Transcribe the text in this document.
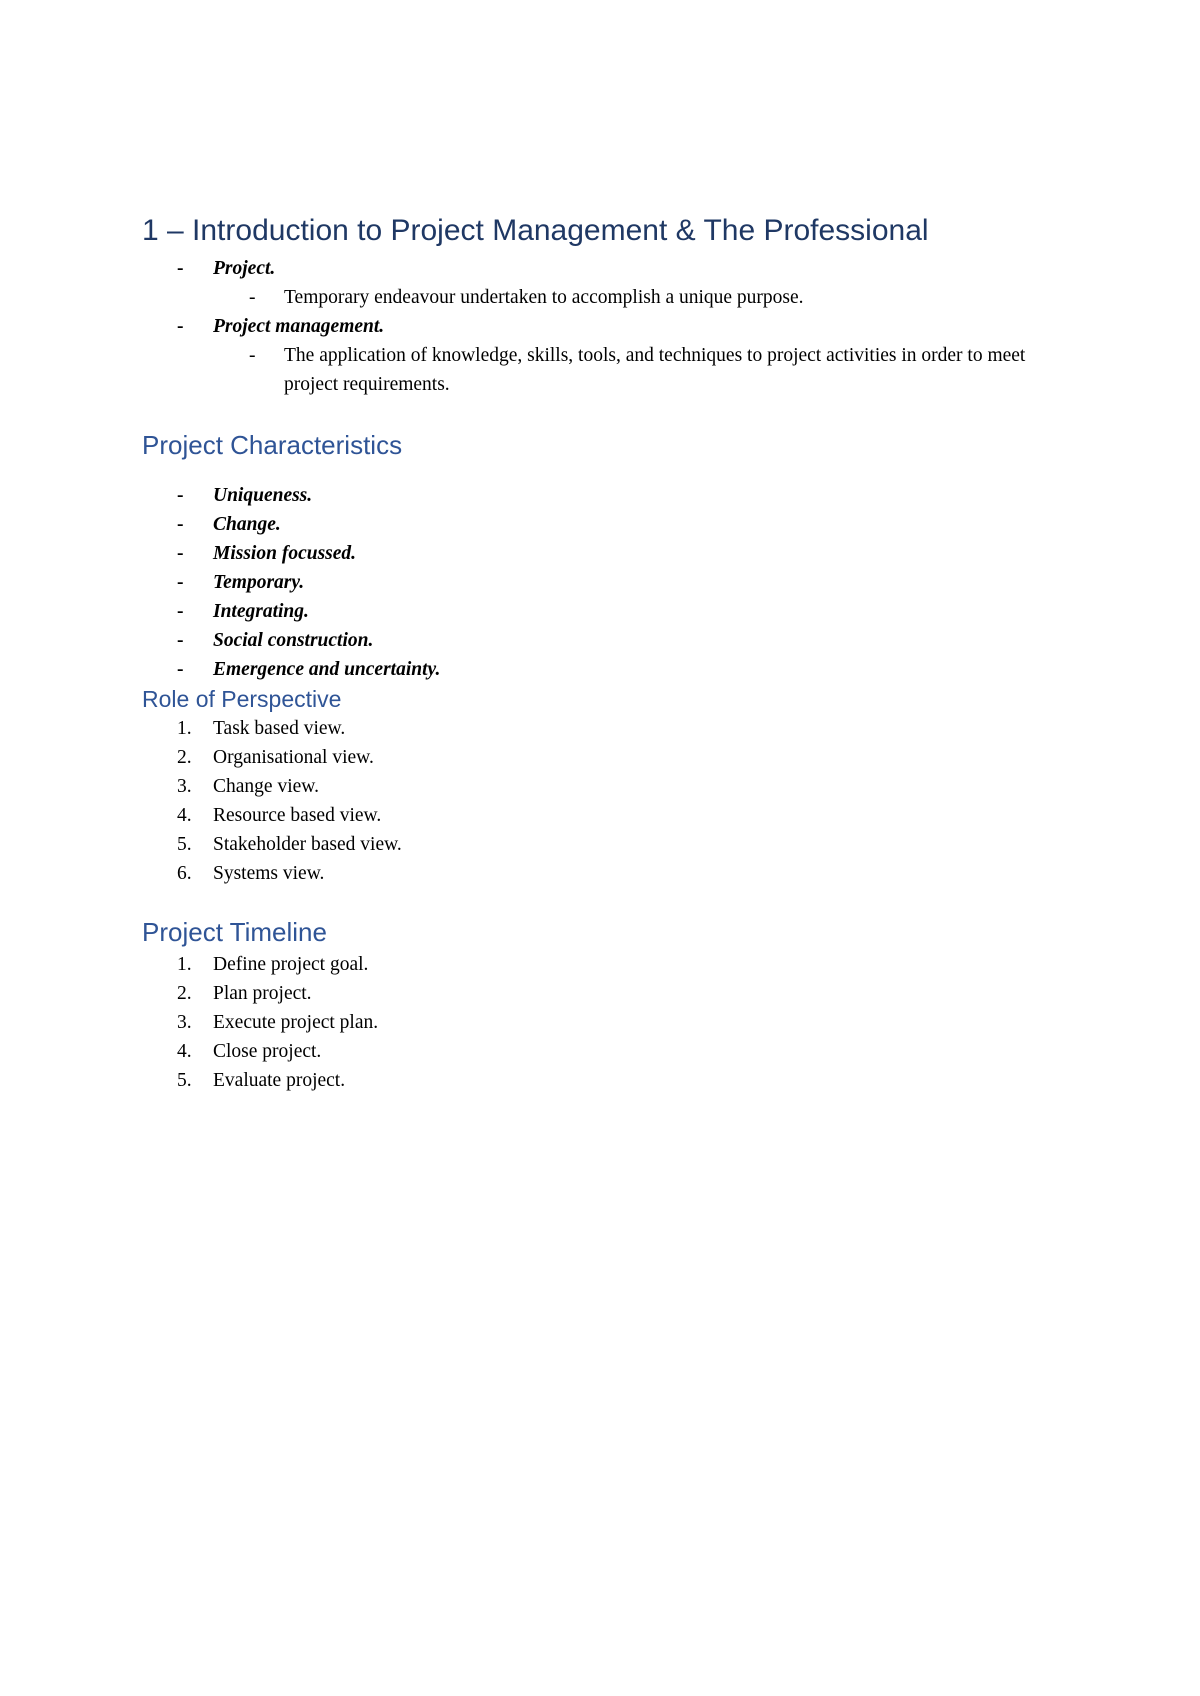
1 – Introduction to Project Management & The Professional
- Project.
- Temporary endeavour undertaken to accomplish a unique purpose.
- Project management.
- The application of knowledge, skills, tools, and techniques to project activities in order to meet project requirements.
Project Characteristics
- Uniqueness.
- Change.
- Mission focussed.
- Temporary.
- Integrating.
- Social construction.
- Emergence and uncertainty.
Role of Perspective
1. Task based view.
2. Organisational view.
3. Change view.
4. Resource based view.
5. Stakeholder based view.
6. Systems view.
Project Timeline
1. Define project goal.
2. Plan project.
3. Execute project plan.
4. Close project.
5. Evaluate project.
